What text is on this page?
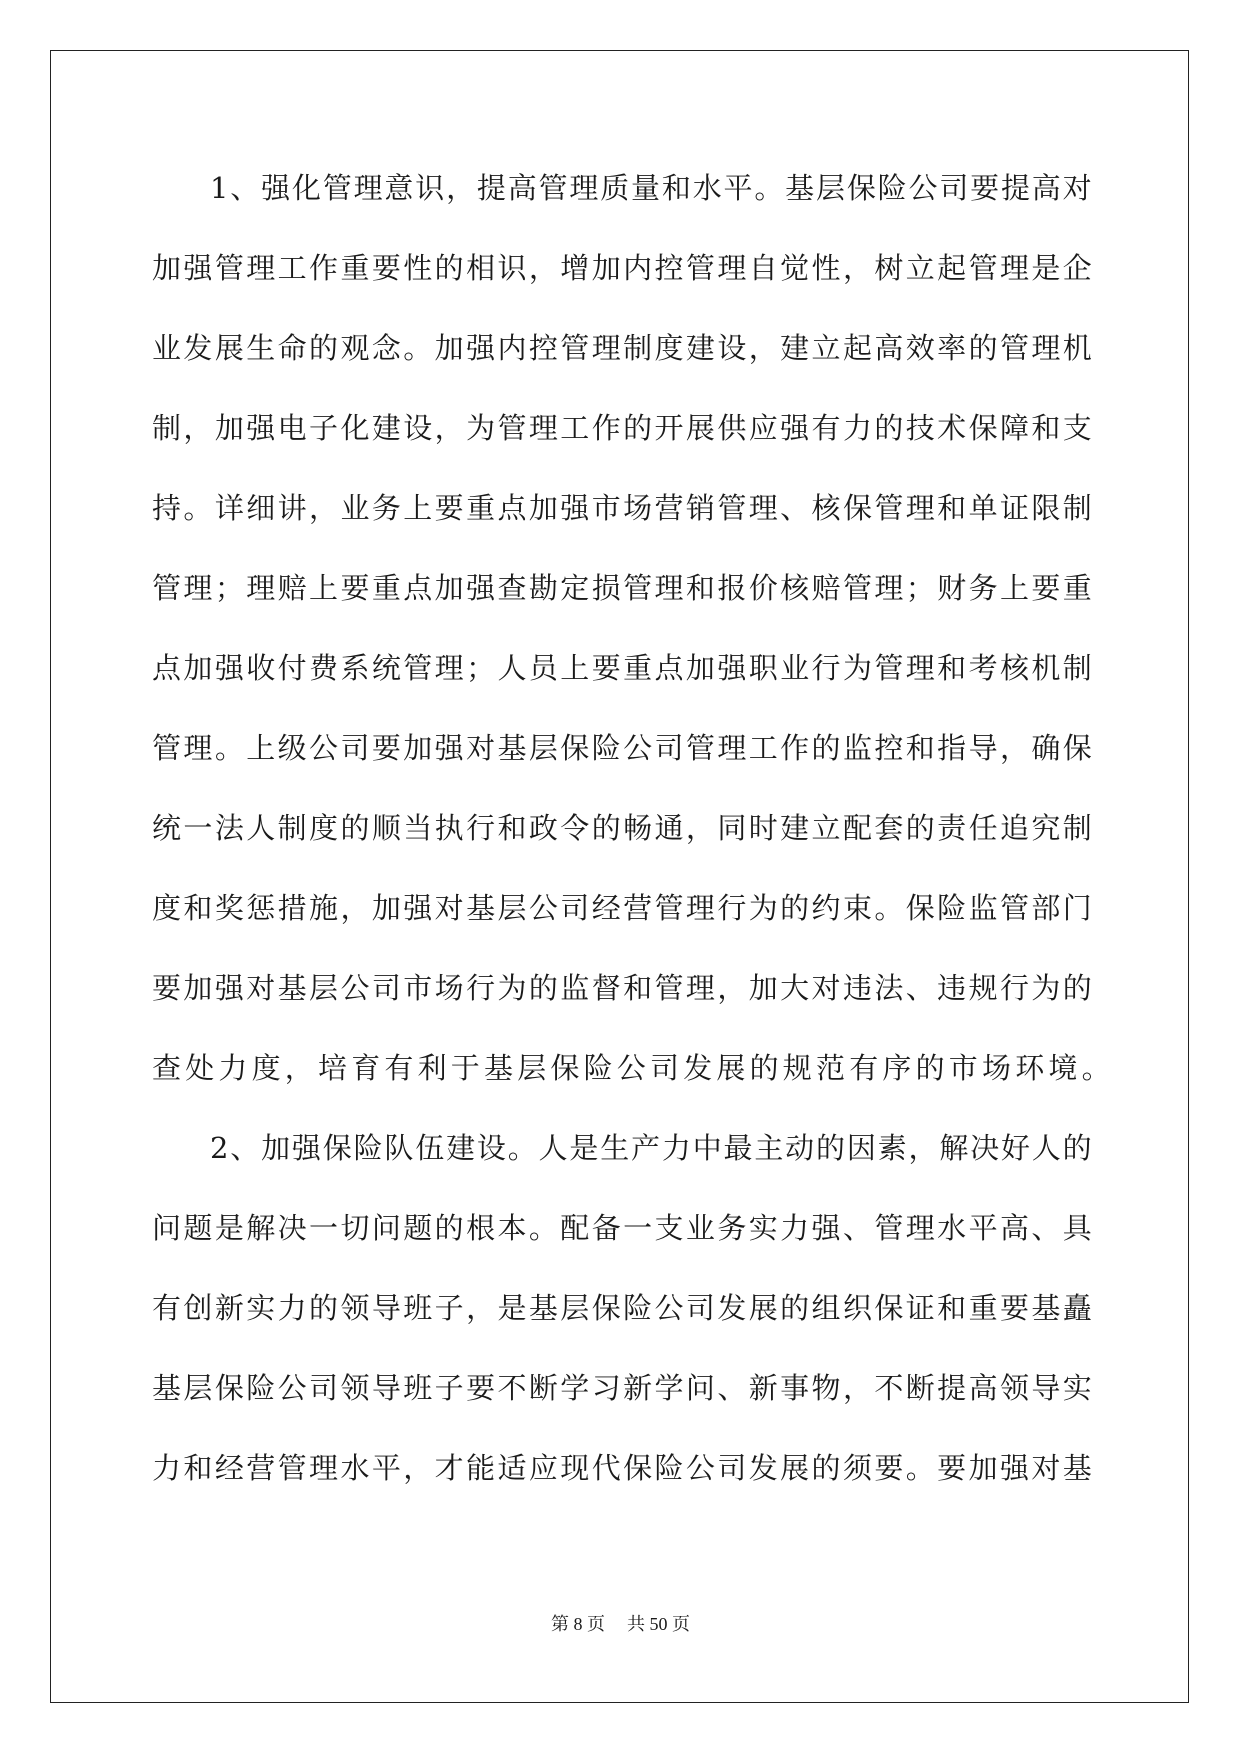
1 、 强 化 管 理 意 识 ， 提 高 管 理 质 量 和 水 平 。 基 层 保 险 公 司 要 提 高 对
加 强 管 理 工 作 重 要 性 的 相 识 ， 增 加 内 控 管 理 自 觉 性 ， 树 立 起 管 理 是 企
业 发 展 生 命 的 观 念 。 加 强 内 控 管 理 制 度 建 设 ， 建 立 起 高 效 率 的 管 理 机
制 ， 加 强 电 子 化 建 设 ， 为 管 理 工 作 的 开 展 供 应 强 有 力 的 技 术 保 障 和 支
持 。 详 细 讲 ， 业 务 上 要 重 点 加 强 市 场 营 销 管 理 、 核 保 管 理 和 单 证 限 制
管 理 ； 理 赔 上 要 重 点 加 强 查 勘 定 损 管 理 和 报 价 核 赔 管 理 ； 财 务 上 要 重
点 加 强 收 付 费 系 统 管 理 ； 人 员 上 要 重 点 加 强 职 业 行 为 管 理 和 考 核 机 制
管 理 。 上 级 公 司 要 加 强 对 基 层 保 险 公 司 管 理 工 作 的 监 控 和 指 导 ， 确 保
统 一 法 人 制 度 的 顺 当 执 行 和 政 令 的 畅 通 ， 同 时 建 立 配 套 的 责 任 追 究 制
度 和 奖 惩 措 施 ， 加 强 对 基 层 公 司 经 营 管 理 行 为 的 约 束 。 保 险 监 管 部 门
要 加 强 对 基 层 公 司 市 场 行 为 的 监 督 和 管 理 ， 加 大 对 违 法 、 违 规 行 为 的
查处力度，培育有利于基层保险公司发展的规范有序的市场环境。
2 、 加 强 保 险 队 伍 建 设 。 人 是 生 产 力 中 最 主 动 的 因 素 ， 解 决 好 人 的
问 题 是 解 决 一 切 问 题 的 根 本 。 配 备 一 支 业 务 实 力 强 、 管 理 水 平 高 、 具
有 创 新 实 力 的 领 导 班 子 ， 是 基 层 保 险 公 司 发 展 的 组 织 保 证 和 重 要 基 矗
基 层 保 险 公 司 领 导 班 子 要 不 断 学 习 新 学 问 、 新 事 物 ， 不 断 提 高 领 导 实
力 和 经 营 管 理 水 平 ， 才 能 适 应 现 代 保 险 公 司 发 展 的 须 要 。 要 加 强 对 基
第 8 页 共 50 页
